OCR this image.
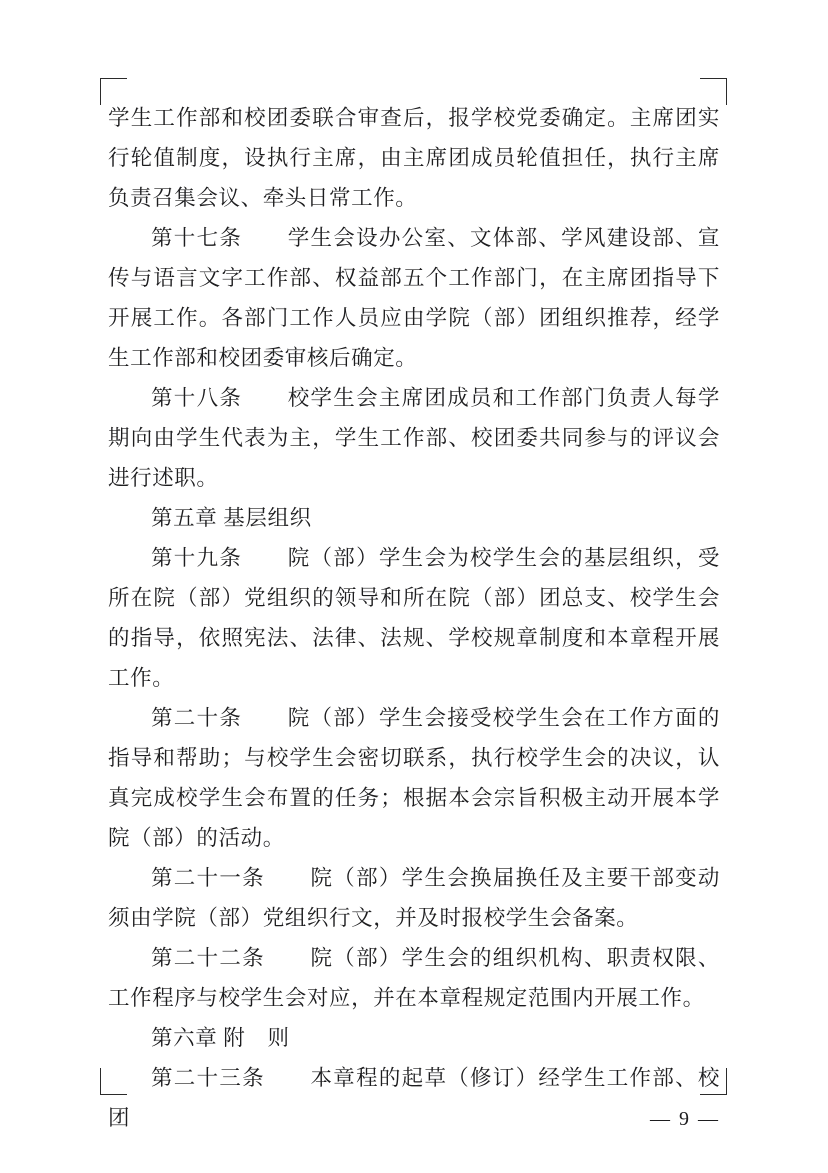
学生工作部和校团委联合审查后，报学校党委确定。主席团实行轮值制度，设执行主席，由主席团成员轮值担任，执行主席负责召集会议、牵头日常工作。

第十七条　　学生会设办公室、文体部、学风建设部、宣传与语言文字工作部、权益部五个工作部门，在主席团指导下开展工作。各部门工作人员应由学院（部）团组织推荐，经学生工作部和校团委审核后确定。

第十八条　　校学生会主席团成员和工作部门负责人每学期向由学生代表为主，学生工作部、校团委共同参与的评议会进行述职。

第五章 基层组织

第十九条　　院（部）学生会为校学生会的基层组织，受所在院（部）党组织的领导和所在院（部）团总支、校学生会的指导，依照宪法、法律、法规、学校规章制度和本章程开展工作。

第二十条　　院（部）学生会接受校学生会在工作方面的指导和帮助；与校学生会密切联系，执行校学生会的决议，认真完成校学生会布置的任务；根据本会宗旨积极主动开展本学院（部）的活动。

第二十一条　　院（部）学生会换届换任及主要干部变动须由学院（部）党组织行文，并及时报校学生会备案。

第二十二条　　院（部）学生会的组织机构、职责权限、工作程序与校学生会对应，并在本章程规定范围内开展工作。

第六章 附　则

第二十三条　　本章程的起草（修订）经学生工作部、校团	— 9 —
